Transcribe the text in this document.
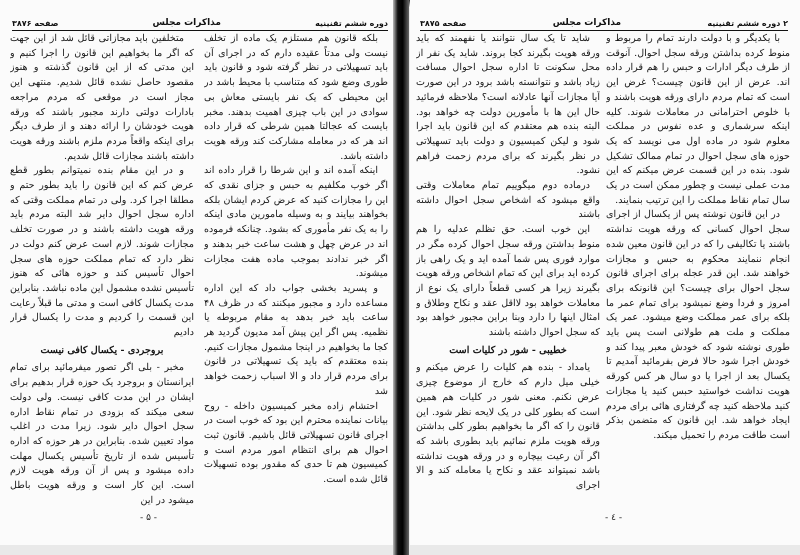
دوره ششم تقنینیه
مذاکرات مجلس
صفحه ۳۸۷۶

بلکه قانون هم مستلزم یک ماده از تخلف نیست ولی مدتاً عقیده دارم که در اجرای آن باید تسهیلاتی در نظر گرفته شود و قانون باید طوری وضع شود که متناسب با محیط باشد در این محیطی که یک نفر بایستی معاش بی سوادی در این باب چیزی اهمیت بدهند. مخبر بایست که عجالتا همین شرطی که قرار داده اند هر که در معامله مشارکت کند ورقه هویت داشته باشد.

اینکه آمده اند و این شرطا را قرار داده اند اگر خوب مکلفیم به حبس و جزای نقدی که این را مجازات کنید که عرض کردم ایشان بلکه بخواهند بیایند و به وسیله مامورین مادی اینکه را به یک نفر مأموری که بشود. چنانکه فرموده اند در عرض چهل و هشت ساعت خبر بدهند و اگر خبر ندادند بموجب ماده هفت مجازات میشوند.

و پسرید بخشی جواب داد که این اداره مساعده دارد و مجبور میکنند که در ظرف ۴۸ ساعت باید خبر بدهد به مقام مربوطه یا نظمیه. پس اگر این پیش آمد مدیون گردید هر کجا ما بخواهیم در اینجا مشمول مجازات کنیم. بنده معتقدم که باید یک تسهیلاتی در قانون برای مردم قرار داد و الا اسباب زحمت خواهد شد

احتشام زاده مخبر کمیسیون داخله - روح بیانات نماینده محترم این بود که خوب است در اجرای قانون تسهیلاتی قائل باشیم. قانون ثبت احوال هم برای انتظام امور مردم است و کمیسیون هم تا حدی که مقدور بوده تسهیلات قائل شده است.

متخلفین باید مجازاتی قائل شد از این جهت که اگر ما بخواهیم این قانون را اجرا کنیم و این مدتی که از این قانون گذشته و هنوز مقصود حاصل نشده قائل شدیم. منتهی این مجاز است در موقعی که مردم مراجعه بادارات دولتی دارند مجبور باشند که ورقه هویت خودشان را ارائه دهند و از طرف دیگر برای اینکه واقعاً مردم ملزم باشند ورقه هویت داشته باشند مجازات قائل شدیم.

و در این مقام بنده نمیتوانم بطور قطع عرض کنم که این قانون را باید بطور حتم و مطلقا اجرا کرد. ولی در تمام مملکت وقتی که اداره سجل احوال دایر شد البته مردم باید ورقه هویت داشته باشند و در صورت تخلف مجازات شوند. لازم است عرض کنم دولت در نظر دارد که تمام مملکت حوزه های سجل احوال تأسیس کند و حوزه هائی که هنوز تأسیس نشده مشمول این ماده نباشد. بنابراین مدت یکسال کافی است و مدتی ما قبلاً رعایت این قسمت را کردیم و مدت را یکسال قرار دادیم

بروجردی - یکسال کافی نیست

مخبر - بلی اگر تصور میفرمائید برای تمام ایرانستان و بروجرد یک حوزه قرار بدهیم برای ایشان در این مدت کافی نیست. ولی دولت سعی میکند که بزودی در تمام نقاط اداره سجل احوال دایر شود. زیرا مدت در اغلب مواد تعیین شده. بنابراین در هر حوزه که اداره تأسیس شده از تاریخ تأسیس یکسال مهلت داده میشود و پس از آن ورقه هویت لازم است. این کار است و ورقه هویت باطل میشود در این

- ۵ -
۲ دوره ششم تقنینیه
مذاکرات مجلس
صفحه ۳۸۷۵

با یکدیگر و با دولت دارند تمام را مربوط و منوط کرده بداشتن ورقه سجل احوال. آنوقت از طرف دیگر ادارات و حبس را هم قرار داده اند. عرض از این قانون چیست؟ غرض این است که تمام مردم دارای ورقه هویت باشند و با خلوص احترامانی در معاملات شوند. کلیه اینکه سرشماری و عده نفوس در مملکت معلوم شود در ماده اول می نویسد که یک حوزه های سجل احوال در تمام ممالک تشکیل شود. بنده در این قسمت عرض میکنم که این مدت عملی نیست و چطور ممکن است در یک سال تمام نقاط مملکت را این ترتیب بنمایند.

در این قانون نوشته پس از یکسال از اجرای سجل احوال کسانی که ورقه هویت نداشته باشند یا تکالیفی را که در این قانون معین شده انجام ننمایند محکوم به حبس و مجازات خواهند شد. این قدر عجله برای اجرای قانون سجل احوال برای چیست؟ این قانونکه برای امروز و فردا وضع نمیشود برای تمام عمر ما بلکه برای عمر مملکت وضع میشود. عمر یک مملکت و ملت هم طولانی است پس باید طوری نوشته شود که خودش معبر پیدا کند و خودش اجرا شود حالا فرض بفرمائید آمدیم تا یکسال بعد از اجرا یا دو سال هر کس کورقه هویت نداشت خواستید حبس کنید یا مجازات کنید ملاحظه کنید چه گرفتاری هائی برای مردم ایجاد خواهد شد. این قانون که متضمن بذکر است طاقت مردم را تحمیل میکند.

شاید تا یک سال نتوانند یا نفهمند که باید ورقه هویت بگیرند کجا بروند. شاید یک نفر از محل سکونت تا اداره سجل احوال مسافت زیاد باشد و نتوانسته باشد برود در این صورت آیا مجازات آنها عادلانه است؟ ملاحظه فرمائید حال این ها با مأمورین دولت چه خواهد بود. البته بنده هم معتقدم که این قانون باید اجرا شود و لیکن کمیسیون و دولت باید تسهیلاتی در نظر بگیرند که برای مردم زحمت فراهم نشود.

درماده دوم میگوییم تمام معاملات وقتی واقع میشود که اشخاص سجل احوال داشته باشند

این خوب است. حق تظلم عدلیه را هم منوط بداشتن ورقه سجل احوال کرده مگر در موارد فوری پس شما آمده اید و یک راهی باز کرده اید برای این که تمام اشخاص ورقه هویت بگیرند زیرا هر کسی قطعاً دارای یک نوع از معاملات خواهد بود لااقل عقد و نکاح وطلاق و امثال اینها را دارد وبنا براین مجبور خواهد بود که سجل احوال داشته باشند

خطیبی - شور در کلیات است

یامداد - بنده هم کلیات را عرض میکنم و خیلی میل دارم که خارج از موضوع چیزی عرض نکنم. معنی شور در کلیات هم همین است که بطور کلی در یک لایحه نظر شود. این قانون را که اگر ما بخواهیم بطور کلی بداشتن ورقه هویت ملزم نمائیم باید بطوری باشد که اگر آن رعیت بیچاره و در ورقه هویت نداشته باشد نمیتواند عقد و نکاح یا معامله کند و الا اجرای

- ٤ -
